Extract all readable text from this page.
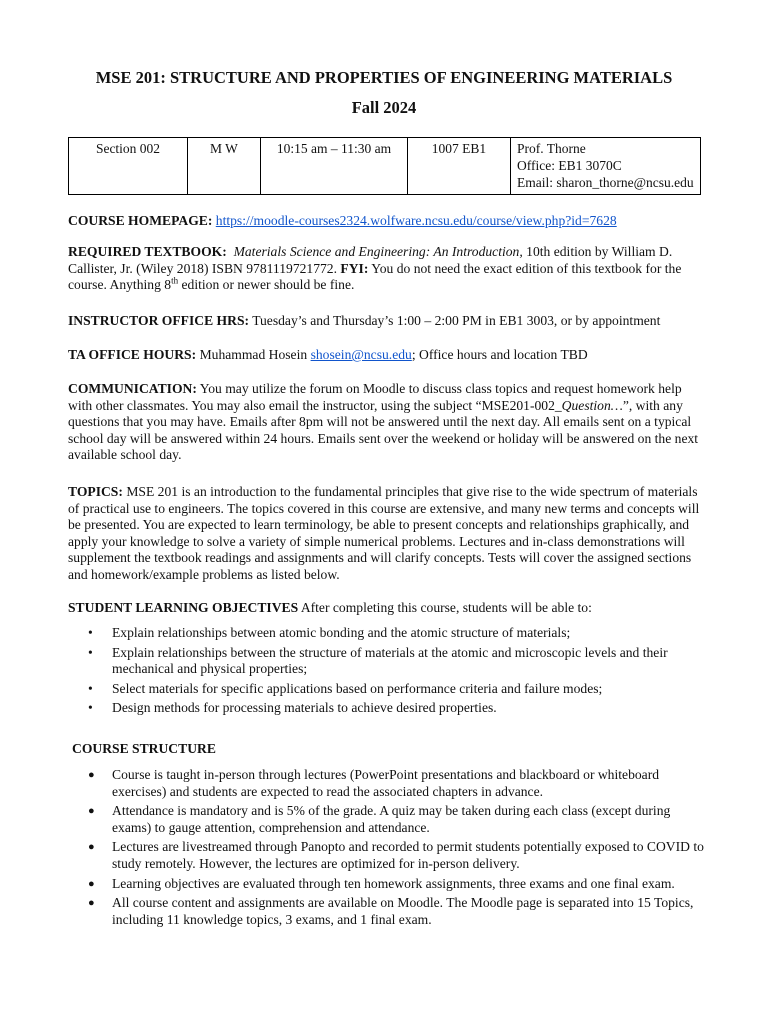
MSE 201: STRUCTURE AND PROPERTIES OF ENGINEERING MATERIALS
Fall 2024
Section 002	M W	10:15 am – 11:30 am	1007 EB1	Prof. Thorne
Office: EB1 3070C
Email: sharon_thorne@ncsu.edu
COURSE HOMEPAGE: https://moodle-courses2324.wolfware.ncsu.edu/course/view.php?id=7628
REQUIRED TEXTBOOK: Materials Science and Engineering: An Introduction, 10th edition by William D. Callister, Jr. (Wiley 2018) ISBN 9781119721772. FYI: You do not need the exact edition of this textbook for the course. Anything 8th edition or newer should be fine.
INSTRUCTOR OFFICE HRS: Tuesday’s and Thursday’s 1:00 – 2:00 PM in EB1 3003, or by appointment
TA OFFICE HOURS: Muhammad Hosein shosein@ncsu.edu; Office hours and location TBD
COMMUNICATION: You may utilize the forum on Moodle to discuss class topics and request homework help with other classmates. You may also email the instructor, using the subject “MSE201-002_Question…”, with any questions that you may have. Emails after 8pm will not be answered until the next day. All emails sent on a typical school day will be answered within 24 hours. Emails sent over the weekend or holiday will be answered on the next available school day.
TOPICS: MSE 201 is an introduction to the fundamental principles that give rise to the wide spectrum of materials of practical use to engineers. The topics covered in this course are extensive, and many new terms and concepts will be presented. You are expected to learn terminology, be able to present concepts and relationships graphically, and apply your knowledge to solve a variety of simple numerical problems. Lectures and in-class demonstrations will supplement the textbook readings and assignments and will clarify concepts. Tests will cover the assigned sections and homework/example problems as listed below.
STUDENT LEARNING OBJECTIVES After completing this course, students will be able to:
• Explain relationships between atomic bonding and the atomic structure of materials;
• Explain relationships between the structure of materials at the atomic and microscopic levels and their mechanical and physical properties;
• Select materials for specific applications based on performance criteria and failure modes;
• Design methods for processing materials to achieve desired properties.
COURSE STRUCTURE
● Course is taught in-person through lectures (PowerPoint presentations and blackboard or whiteboard exercises) and students are expected to read the associated chapters in advance.
● Attendance is mandatory and is 5% of the grade. A quiz may be taken during each class (except during exams) to gauge attention, comprehension and attendance.
● Lectures are livestreamed through Panopto and recorded to permit students potentially exposed to COVID to study remotely. However, the lectures are optimized for in-person delivery.
● Learning objectives are evaluated through ten homework assignments, three exams and one final exam.
● All course content and assignments are available on Moodle. The Moodle page is separated into 15 Topics, including 11 knowledge topics, 3 exams, and 1 final exam.
